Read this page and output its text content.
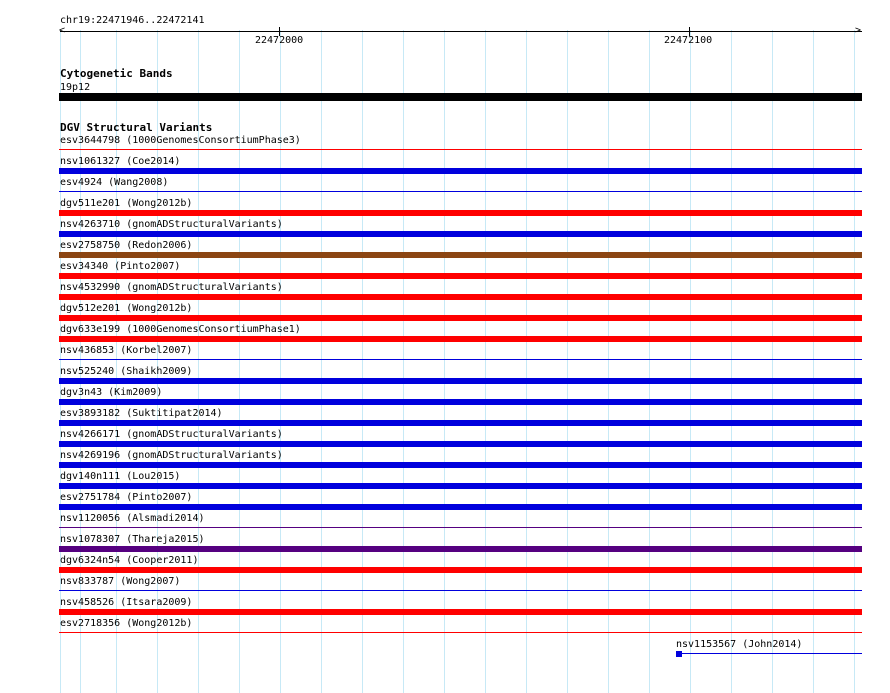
chr19:22471946..22472141
<	>
22472000	22472100
Cytogenetic Bands
19p12
DGV Structural Variants
esv3644798 (1000GenomesConsortiumPhase3)
nsv1061327 (Coe2014)
esv4924 (Wang2008)
dgv511e201 (Wong2012b)
nsv4263710 (gnomADStructuralVariants)
esv2758750 (Redon2006)
esv34340 (Pinto2007)
nsv4532990 (gnomADStructuralVariants)
dgv512e201 (Wong2012b)
dgv633e199 (1000GenomesConsortiumPhase1)
nsv436853 (Korbel2007)
nsv525240 (Shaikh2009)
dgv3n43 (Kim2009)
esv3893182 (Suktitipat2014)
nsv4266171 (gnomADStructuralVariants)
nsv4269196 (gnomADStructuralVariants)
dgv140n111 (Lou2015)
esv2751784 (Pinto2007)
nsv1120056 (Alsmadi2014)
nsv1078307 (Thareja2015)
dgv6324n54 (Cooper2011)
nsv833787 (Wong2007)
nsv458526 (Itsara2009)
esv2718356 (Wong2012b)
nsv1153567 (John2014)
